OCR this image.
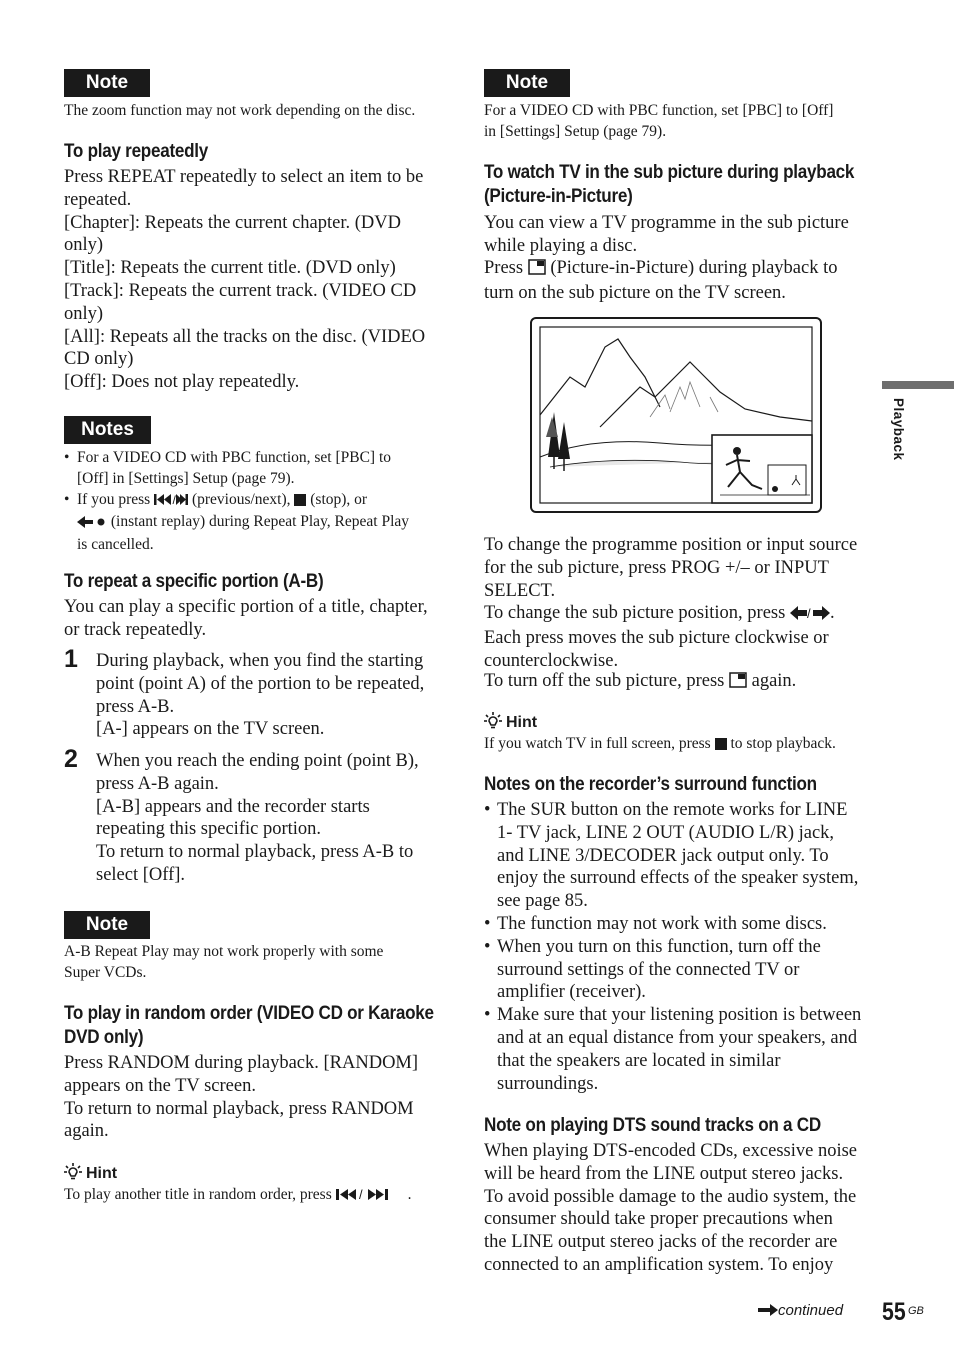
Note
The zoom function may not work depending on the disc.
To play repeatedly
Press REPEAT repeatedly to select an item to be
repeated.
[Chapter]: Repeats the current chapter. (DVD
only)
[Title]: Repeats the current title. (DVD only)
[Track]: Repeats the current track. (VIDEO CD
only)
[All]: Repeats all the tracks on the disc. (VIDEO
CD only)
[Off]: Does not play repeatedly.
Notes
• For a VIDEO CD with PBC function, set [PBC] to
[Off] in [Settings] Setup (page 79).
• If you press / (previous/next),  (stop), or
(instant replay) during Repeat Play, Repeat Play
is cancelled.
To repeat a specific portion (A-B)
You can play a specific portion of a title, chapter,
or track repeatedly.
1 During playback, when you find the starting
point (point A) of the portion to be repeated,
press A-B.
[A-] appears on the TV screen.
2 When you reach the ending point (point B),
press A-B again.
[A-B] appears and the recorder starts
repeating this specific portion.
To return to normal playback, press A-B to
select [Off].
Note
A-B Repeat Play may not work properly with some
Super VCDs.
To play in random order (VIDEO CD or Karaoke
DVD only)
Press RANDOM during playback. [RANDOM]
appears on the TV screen.
To return to normal playback, press RANDOM
again.
Hint
To play another title in random order, press /	.
Note
For a VIDEO CD with PBC function, set [PBC] to [Off]
in [Settings] Setup (page 79).
To watch TV in the sub picture during playback
(Picture-in-Picture)
You can view a TV programme in the sub picture
while playing a disc.
Press  (Picture-in-Picture) during playback to
turn on the sub picture on the TV screen.
To change the programme position or input source
for the sub picture, press PROG +/– or INPUT
SELECT.
To change the sub picture position, press / .
Each press moves the sub picture clockwise or
counterclockwise.
To turn off the sub picture, press  again.
Hint
If you watch TV in full screen, press  to stop playback.
Notes on the recorder’s surround function
• The SUR button on the remote works for LINE
1- TV jack, LINE 2 OUT (AUDIO L/R) jack,
and LINE 3/DECODER jack output only. To
enjoy the surround effects of the speaker system,
see page 85.
• The function may not work with some discs.
• When you turn on this function, turn off the
surround settings of the connected TV or
amplifier (receiver).
• Make sure that your listening position is between
and at an equal distance from your speakers, and
that the speakers are located in similar
surroundings.
Note on playing DTS sound tracks on a CD
When playing DTS-encoded CDs, excessive noise
will be heard from the LINE output stereo jacks.
To avoid possible damage to the audio system, the
consumer should take proper precautions when
the LINE output stereo jacks of the recorder are
connected to an amplification system. To enjoy
Playback
continued 55 GB
